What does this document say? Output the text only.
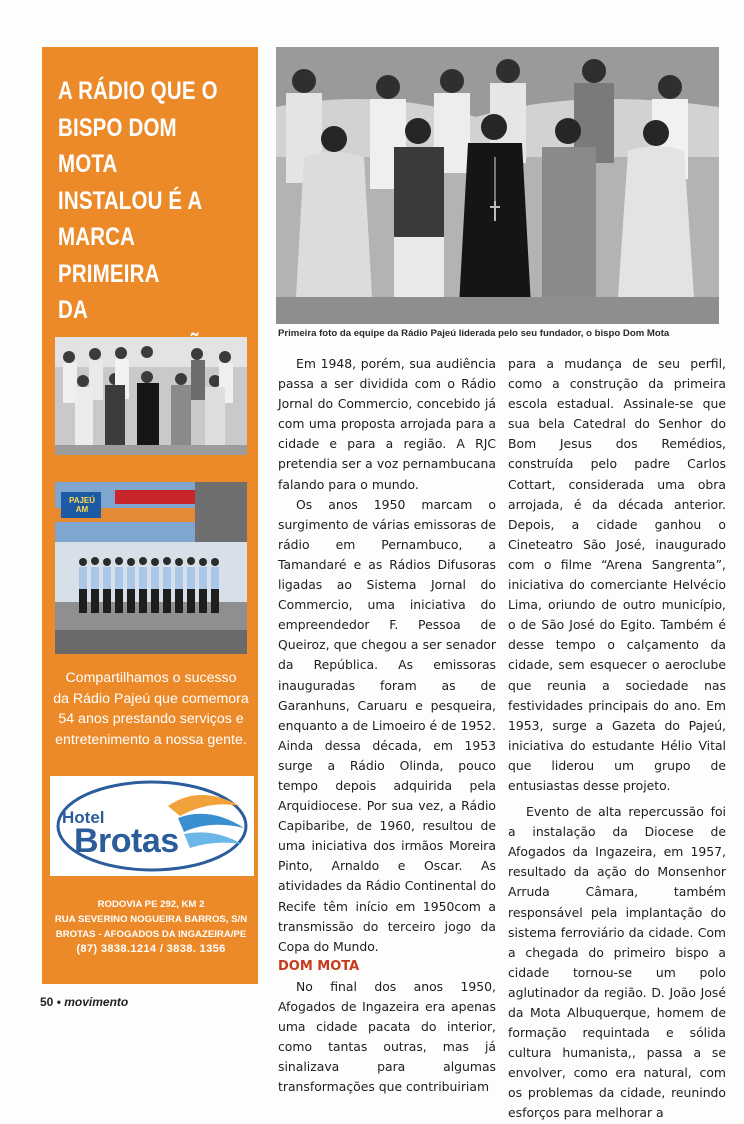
A RÁDIO QUE O
BISPO DOM MOTA
INSTALOU É A
MARCA PRIMEIRA
DA

PAJEÚ AM
Compartilhamos o sucesso
da Rádio Pajeú que comemora
54 anos prestando serviços e
entretenimento a nossa gente.
Hotel
Brotas
RODOVIA PE 292, KM 2
RUA SEVERINO NOGUEIRA BARROS, S/N
BROTAS - AFOGADOS DA INGAZEIRA/PE
(87) 3838.1214 / 3838. 1356
Primeira foto da equipe da Rádio Pajeú liderada pelo seu fundador, o bispo Dom Mota

Em 1948, porém, sua audiência passa a ser dividida com o Rádio Jornal do Commercio, concebido já com uma proposta arrojada para a cidade e para a região. A RJC pretendia ser a voz pernambucana falando para o mundo.

Os anos 1950 marcam o surgimento de várias emissoras de rádio em Pernambuco, a Tamandaré e as Rádios Difusoras ligadas ao Sistema Jornal do Commercio, uma iniciativa do empreendedor F. Pessoa de Queiroz, que chegou a ser senador da República. As emissoras inauguradas foram as de Garanhuns, Caruaru e pesqueira, enquanto a de Limoeiro é de 1952. Ainda dessa década, em 1953 surge a Rádio Olinda, pouco tempo depois adquirida pela Arquidiocese. Por sua vez, a Rádio Capibaribe, de 1960, resultou de uma iniciativa dos irmãos Moreira Pinto, Arnaldo e Oscar. As atividades da Rádio Continental do Recife têm início em 1950com a transmissão do terceiro jogo da Copa do Mundo.

DOM MOTA

No final dos anos 1950, Afogados de Ingazeira era apenas uma cidade pacata do interior, como tantas outras, mas já sinalizava para algumas transformações que contribuiriam

para a mudança de seu perfil, como a construção da primeira escola estadual. Assinale-se que sua bela Catedral do Senhor do Bom Jesus dos Remédios, construída pelo padre Carlos Cottart, considerada uma obra arrojada, é da década anterior. Depois, a cidade ganhou o Cineteatro São José, inaugurado com o filme “Arena Sangrenta”, iniciativa do comerciante Helvécio Lima, oriundo de outro município, o de São José do Egito. Também é desse tempo o calçamento da cidade, sem esquecer o aeroclube que reunia a sociedade nas festividades principais do ano. Em 1953, surge a Gazeta do Pajeú, iniciativa do estudante Hélio Vital que liderou um grupo de entusiastas desse projeto.

Evento de alta repercussão foi a instalação da Diocese de Afogados da Ingazeira, em 1957, resultado da ação do Monsenhor Arruda Câmara, também responsável pela implantação do sistema ferroviário da cidade. Com a chegada do primeiro bispo a cidade tornou-se um polo aglutinador da região. D. João José da Mota Albuquerque, homem de formação requintada e sólida cultura humanista,, passa a se envolver, como era natural, com os problemas da cidade, reunindo esforços para melhorar a

50 • movimento
